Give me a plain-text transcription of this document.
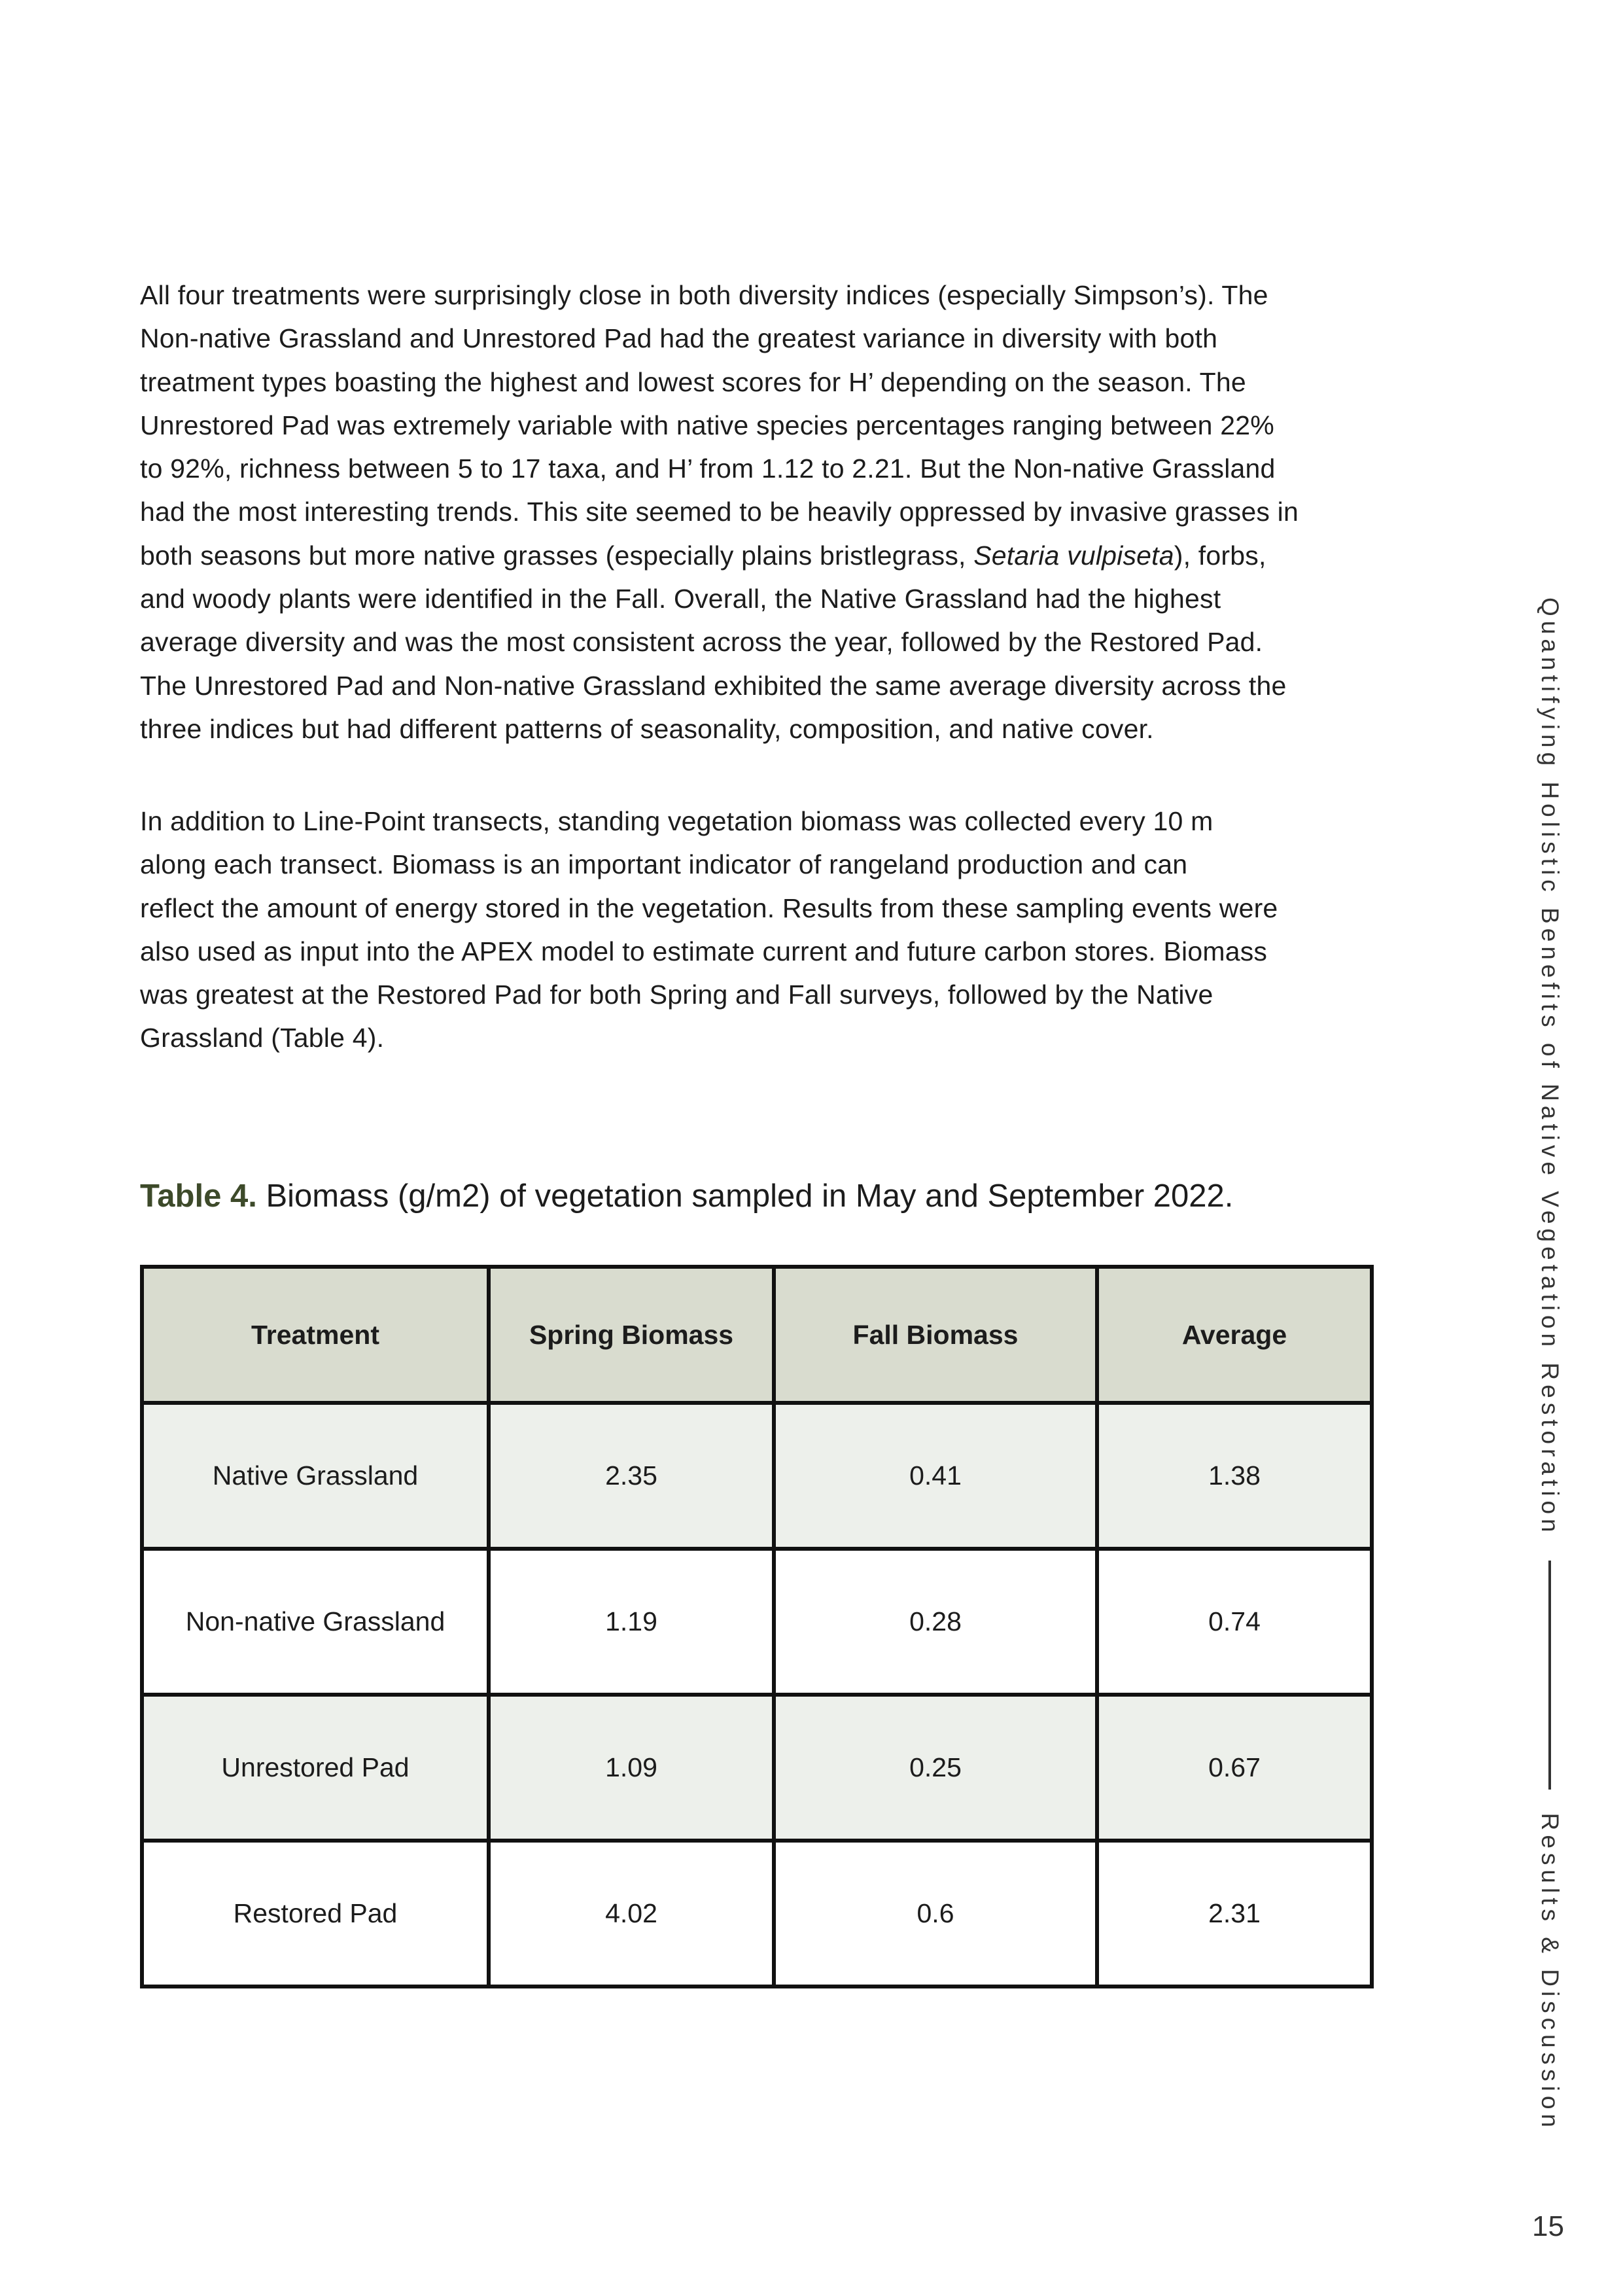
All four treatments were surprisingly close in both diversity indices (especially Simpson’s). The
Non-native Grassland and Unrestored Pad had the greatest variance in diversity with both
treatment types boasting the highest and lowest scores for H’ depending on the season. The
Unrestored Pad was extremely variable with native species percentages ranging between 22%
to 92%, richness between 5 to 17 taxa, and H’ from 1.12 to 2.21. But the Non-native Grassland
had the most interesting trends. This site seemed to be heavily oppressed by invasive grasses in
both seasons but more native grasses (especially plains bristlegrass, Setaria vulpiseta), forbs,
and woody plants were identified in the Fall. Overall, the Native Grassland had the highest
average diversity and was the most consistent across the year, followed by the Restored Pad.
The Unrestored Pad and Non-native Grassland exhibited the same average diversity across the
three indices but had different patterns of seasonality, composition, and native cover.
In addition to Line-Point transects, standing vegetation biomass was collected every 10 m
along each transect. Biomass is an important indicator of rangeland production and can
reflect the amount of energy stored in the vegetation. Results from these sampling events were
also used as input into the APEX model to estimate current and future carbon stores. Biomass
was greatest at the Restored Pad for both Spring and Fall surveys, followed by the Native
Grassland (Table 4).
Table 4. Biomass (g/m2) of vegetation sampled in May and September 2022.
Treatment	Spring Biomass	Fall Biomass	Average
Native Grassland	2.35	0.41	1.38
Non-native Grassland	1.19	0.28	0.74
Unrestored Pad	1.09	0.25	0.67
Restored Pad	4.02	0.6	2.31
Quantifying Holistic Benefits of Native Vegetation Restoration
Results & Discussion
15
